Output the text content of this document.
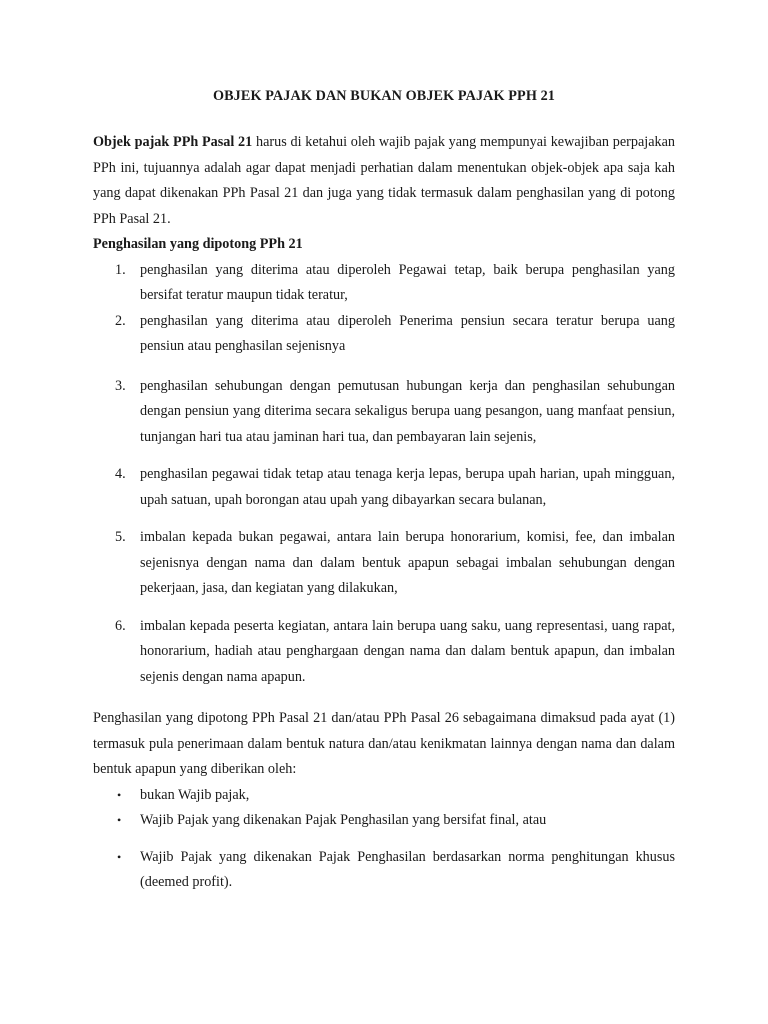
OBJEK PAJAK DAN BUKAN OBJEK PAJAK PPH 21

Objek pajak PPh Pasal 21 harus di ketahui oleh wajib pajak yang mempunyai kewajiban perpajakan PPh ini, tujuannya adalah agar dapat menjadi perhatian dalam menentukan objek-objek apa saja kah yang dapat dikenakan PPh Pasal 21 dan juga yang tidak termasuk dalam penghasilan yang di potong PPh Pasal 21.

Penghasilan yang dipotong PPh 21
1. penghasilan yang diterima atau diperoleh Pegawai tetap, baik berupa penghasilan yang bersifat teratur maupun tidak teratur,
2. penghasilan yang diterima atau diperoleh Penerima pensiun secara teratur berupa uang pensiun atau penghasilan sejenisnya
3. penghasilan sehubungan dengan pemutusan hubungan kerja dan penghasilan sehubungan dengan pensiun yang diterima secara sekaligus berupa uang pesangon, uang manfaat pensiun, tunjangan hari tua atau jaminan hari tua, dan pembayaran lain sejenis,
4. penghasilan pegawai tidak tetap atau tenaga kerja lepas, berupa upah harian, upah mingguan, upah satuan, upah borongan atau upah yang dibayarkan secara bulanan,
5. imbalan kepada bukan pegawai, antara lain berupa honorarium, komisi, fee, dan imbalan sejenisnya dengan nama dan dalam bentuk apapun sebagai imbalan sehubungan dengan pekerjaan, jasa, dan kegiatan yang dilakukan,
6. imbalan kepada peserta kegiatan, antara lain berupa uang saku, uang representasi, uang rapat, honorarium, hadiah atau penghargaan dengan nama dan dalam bentuk apapun, dan imbalan sejenis dengan nama apapun.

Penghasilan yang dipotong PPh Pasal 21 dan/atau PPh Pasal 26 sebagaimana dimaksud pada ayat (1) termasuk pula penerimaan dalam bentuk natura dan/atau kenikmatan lainnya dengan nama dan dalam bentuk apapun yang diberikan oleh:

• bukan Wajib pajak,
• Wajib Pajak yang dikenakan Pajak Penghasilan yang bersifat final, atau
• Wajib Pajak yang dikenakan Pajak Penghasilan berdasarkan norma penghitungan khusus (deemed profit).
